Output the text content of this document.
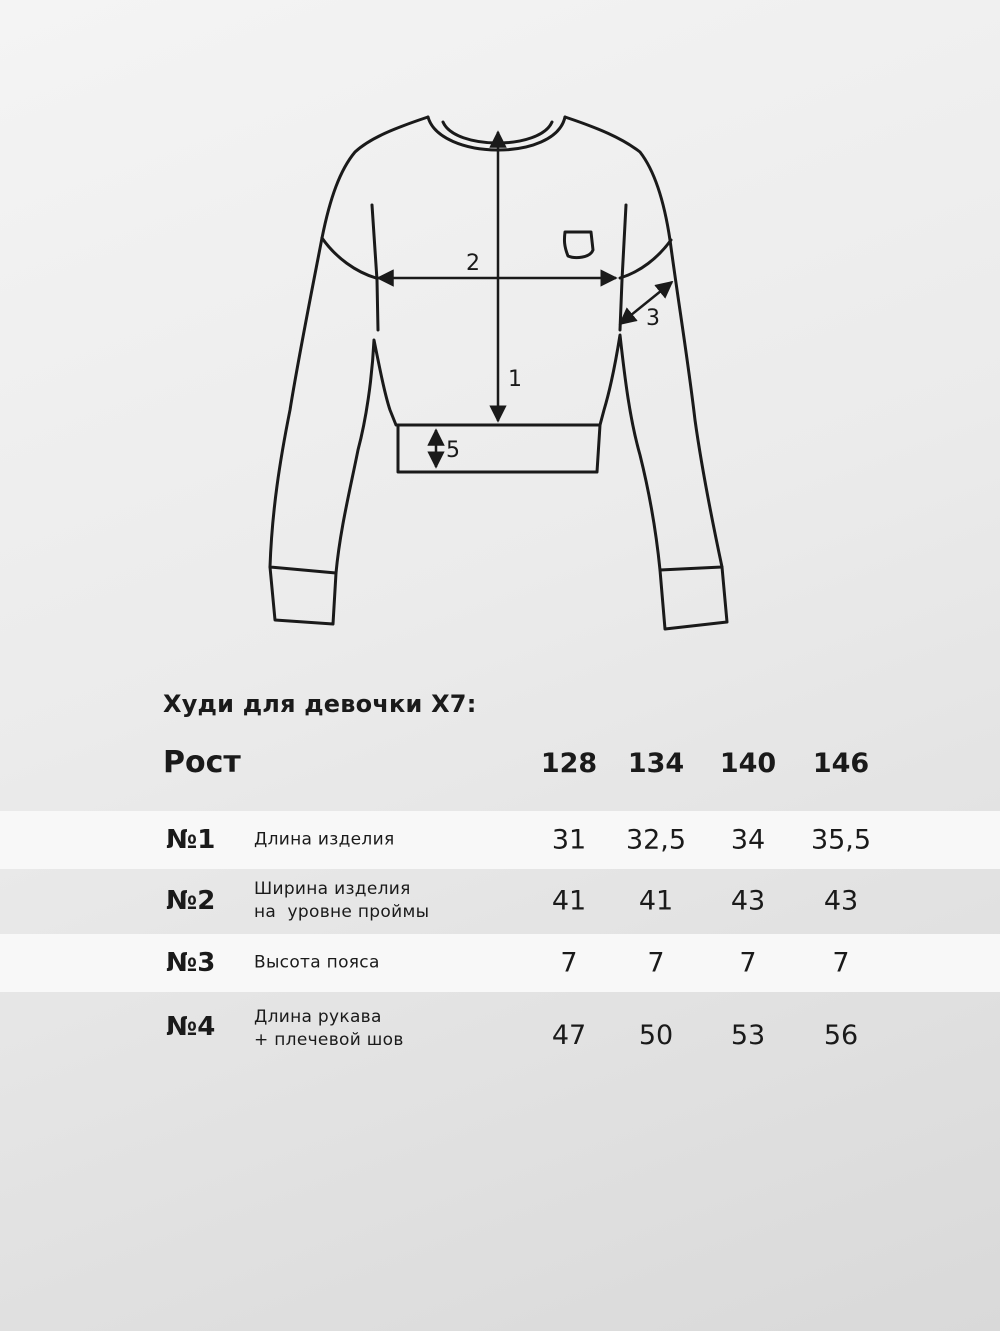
1
2
3
5
Худи для девочки Х7:
Рост	128	134	140	146
№1 Длина изделия	31	32,5	34	35,5
№2 Ширина изделия
на  уровне проймы	41	41	43	43
№3 Высота пояса	7	7	7	7
№4 Длина рукава
+ плечевой шов	47	50	53	56
